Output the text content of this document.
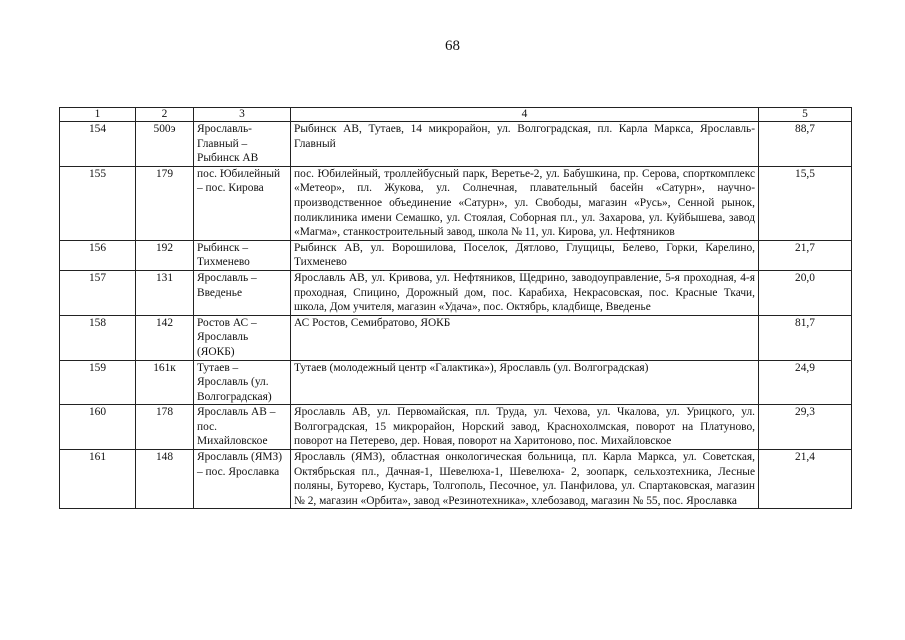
68
1	2	3	4	5
154	500э	Ярославль-Главный – Рыбинск АВ	Рыбинск АВ, Тутаев, 14 микрорайон, ул. Волгоградская, пл. Карла Маркса, Ярославль-Главный	88,7
155	179	пос. Юбилейный – пос. Кирова	пос. Юбилейный, троллейбусный парк, Веретье-2, ул. Бабушкина, пр. Серова, спорткомплекс «Метеор», пл. Жукова, ул. Солнечная, плавательный басейн «Сатурн», научно-производственное объединение «Сатурн», ул. Свободы, магазин «Русь», Сенной рынок, поликлиника имени Семашко, ул. Стоялая, Соборная пл., ул. Захарова, ул. Куйбышева, завод «Магма», станкостроительный завод, школа № 11, ул. Кирова, ул. Нефтяников	15,5
156	192	Рыбинск – Тихменево	Рыбинск АВ, ул. Ворошилова, Поселок, Дятлово, Глущицы, Белево, Горки, Карелино, Тихменево	21,7
157	131	Ярославль – Введенье	Ярославль АВ, ул. Кривова, ул. Нефтяников, Щедрино, заводоуправление, 5-я проходная, 4-я проходная, Спицино, Дорожный дом, пос. Карабиха, Некрасовская, пос. Красные Ткачи, школа, Дом учителя, магазин «Удача», пос. Октябрь, кладбище, Введенье	20,0
158	142	Ростов АС – Ярославль (ЯОКБ)	АС Ростов, Семибратово, ЯОКБ	81,7
159	161к	Тутаев – Ярославль (ул. Волгоградская)	Тутаев (молодежный центр «Галактика»), Ярославль (ул. Волгоградская)	24,9
160	178	Ярославль АВ – пос. Михайловское	Ярославль АВ, ул. Первомайская, пл. Труда, ул. Чехова, ул. Чкалова, ул. Урицкого, ул. Волгоградская, 15 микрорайон, Норский завод, Краснохолмская, поворот на Платуново, поворот на Петерево, дер. Новая, поворот на Харитоново, пос. Михайловское	29,3
161	148	Ярославль (ЯМЗ) – пос. Ярославка	Ярославль (ЯМЗ), областная онкологическая больница, пл. Карла Маркса, ул. Советская, Октябрьская пл., Дачная-1, Шевелюха-1, Шевелюха- 2, зоопарк, сельхозтехника, Лесные поляны, Буторево, Кустарь, Толгополь, Песочное, ул. Панфилова, ул. Спартаковская, магазин № 2, магазин «Орбита», завод «Резинотехника», хлебозавод, магазин № 55, пос. Ярославка	21,4
